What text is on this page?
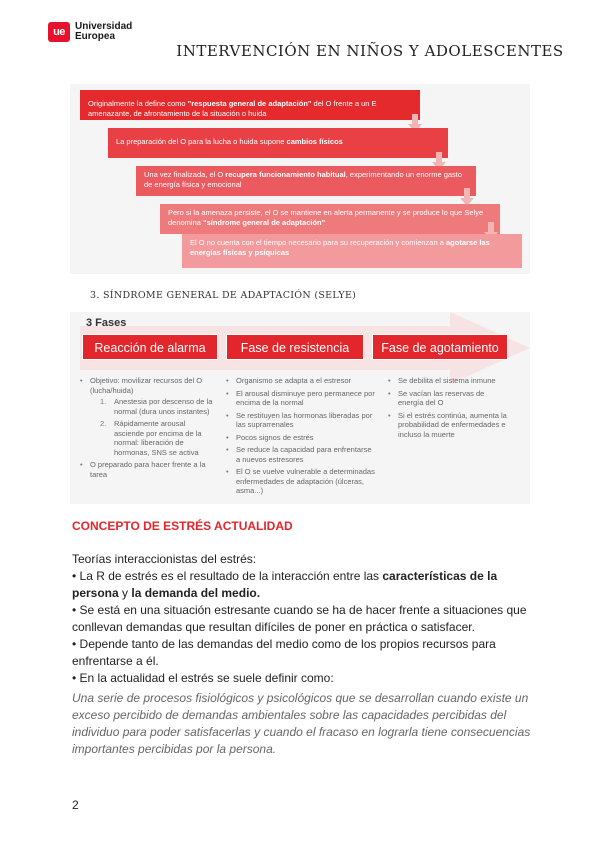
ue	Universidad
Europea
INTERVENCIÓN EN NIÑOS Y ADOLESCENTES
Originalmente la define como "respuesta general de adaptación" del O frente a un E amenazante, de afrontamiento de la situación o huida
La preparación del O para la lucha o huida supone cambios físicos
Una vez finalizada, el O recupera funcionamiento habitual, experimentando un enorme gasto de energía física y emocional
Pero si la amenaza persiste, el O se mantiene en alerta permanente y se produce lo que Selye denomina "síndrome general de adaptación"
El O no cuenta con el tiempo necesario para su recuperación y comienzan a agotarse las energías físicas y psíquicas
3. SÍNDROME GENERAL DE ADAPTACIÓN (SELYE)
3 Fases
Reacción de alarma	Fase de resistencia	Fase de agotamiento
• Objetivo: movilizar recursos del O (lucha/huida)
1. Anestesia por descenso de la normal (dura unos instantes)
2. Rápidamente arousal asciende por encima de la normal: liberación de hormonas, SNS se activa
• O preparado para hacer frente a la tarea
• Organismo se adapta a el estresor
• El arousal disminuye pero permanece por encima de la normal
• Se restituyen las hormonas liberadas por las suprarrenales
• Pocos signos de estrés
• Se reduce la capacidad para enfrentarse a nuevos estresores
• El O se vuelve vulnerable a determinadas enfermedades de adaptación (úlceras, asma...)
• Se debilita el sistema inmune
• Se vacían las reservas de energía del O
• Si el estrés continúa, aumenta la probabilidad de enfermedades e incluso la muerte
CONCEPTO DE ESTRÉS ACTUALIDAD

Teorías interaccionistas del estrés:

• La R de estrés es el resultado de la interacción entre las características de la persona y la demanda del medio.

• Se está en una situación estresante cuando se ha de hacer frente a situaciones que conllevan demandas que resultan difíciles de poner en práctica o satisfacer.

• Depende tanto de las demandas del medio como de los propios recursos para enfrentarse a él.

• En la actualidad el estrés se suele definir como:

Una serie de procesos fisiológicos y psicológicos que se desarrollan cuando existe un exceso percibido de demandas ambientales sobre las capacidades percibidas del individuo para poder satisfacerlas y cuando el fracaso en lograrla tiene consecuencias importantes percibidas por la persona.
2
